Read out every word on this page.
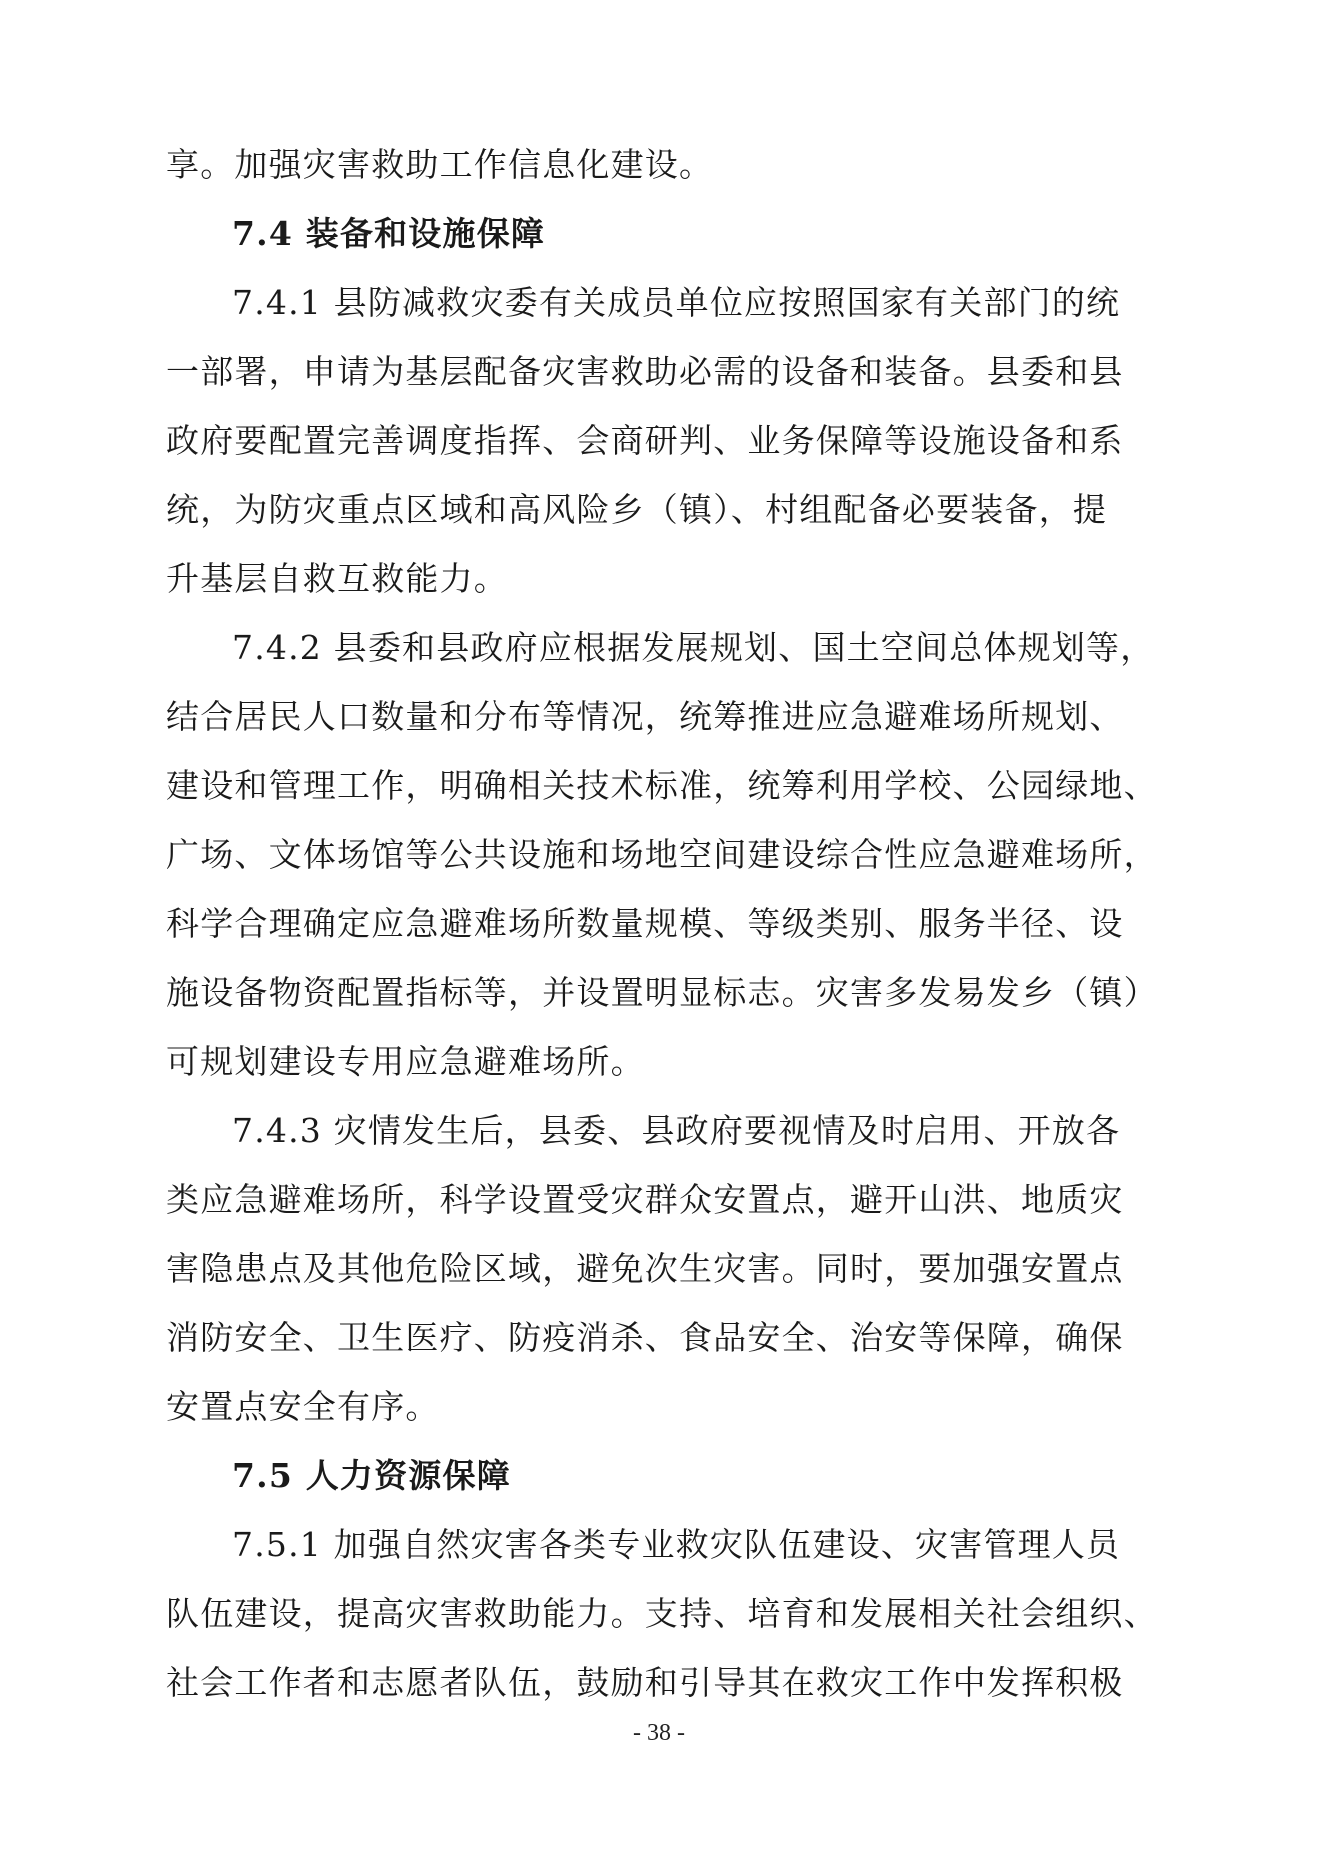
享。加强灾害救助工作信息化建设。
7.4 装备和设施保障
7.4.1 县防减救灾委有关成员单位应按照国家有关部门的统
一部署，申请为基层配备灾害救助必需的设备和装备。县委和县
政府要配置完善调度指挥、会商研判、业务保障等设施设备和系
统，为防灾重点区域和高风险乡（镇）、村组配备必要装备，提
升基层自救互救能力。
7.4.2 县委和县政府应根据发展规划、国土空间总体规划等，
结合居民人口数量和分布等情况，统筹推进应急避难场所规划、
建设和管理工作，明确相关技术标准，统筹利用学校、公园绿地、
广场、文体场馆等公共设施和场地空间建设综合性应急避难场所，
科学合理确定应急避难场所数量规模、等级类别、服务半径、设
施设备物资配置指标等，并设置明显标志。灾害多发易发乡（镇）
可规划建设专用应急避难场所。
7.4.3 灾情发生后，县委、县政府要视情及时启用、开放各
类应急避难场所，科学设置受灾群众安置点，避开山洪、地质灾
害隐患点及其他危险区域，避免次生灾害。同时，要加强安置点
消防安全、卫生医疗、防疫消杀、食品安全、治安等保障，确保
安置点安全有序。
7.5 人力资源保障
7.5.1 加强自然灾害各类专业救灾队伍建设、灾害管理人员
队伍建设，提高灾害救助能力。支持、培育和发展相关社会组织、
社会工作者和志愿者队伍，鼓励和引导其在救灾工作中发挥积极
- 38 -
